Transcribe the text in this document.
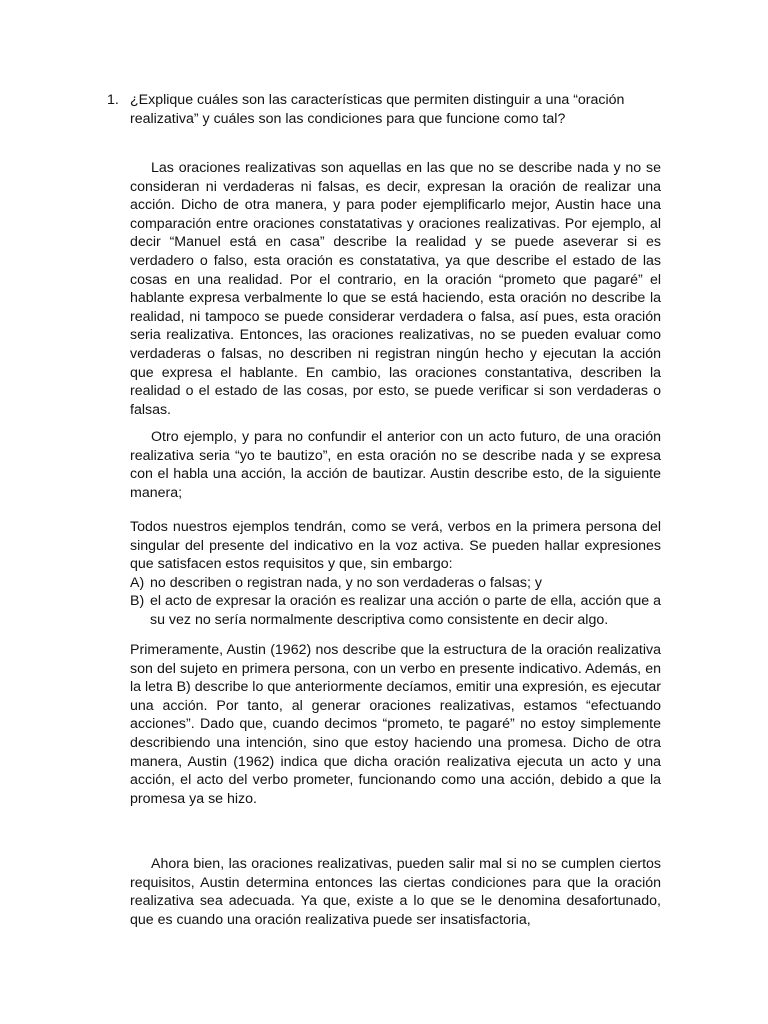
1. ¿Explique cuáles son las características que permiten distinguir a una “oración realizativa” y cuáles son las condiciones para que funcione como tal?

Las oraciones realizativas son aquellas en las que no se describe nada y no se consideran ni verdaderas ni falsas, es decir, expresan la oración de realizar una acción. Dicho de otra manera, y para poder ejemplificarlo mejor, Austin hace una comparación entre oraciones constatativas y oraciones realizativas. Por ejemplo, al decir “Manuel está en casa” describe la realidad y se puede aseverar si es verdadero o falso, esta oración es constatativa, ya que describe el estado de las cosas en una realidad. Por el contrario, en la oración “prometo que pagaré” el hablante expresa verbalmente lo que se está haciendo, esta oración no describe la realidad, ni tampoco se puede considerar verdadera o falsa, así pues, esta oración seria realizativa. Entonces, las oraciones realizativas, no se pueden evaluar como verdaderas o falsas, no describen ni registran ningún hecho y ejecutan la acción que expresa el hablante. En cambio, las oraciones constantativa, describen la realidad o el estado de las cosas, por esto, se puede verificar si son verdaderas o falsas.

Otro ejemplo, y para no confundir el anterior con un acto futuro, de una oración realizativa seria “yo te bautizo”, en esta oración no se describe nada y se expresa con el habla una acción, la acción de bautizar. Austin describe esto, de la siguiente manera;

Todos nuestros ejemplos tendrán, como se verá, verbos en la primera persona del singular del presente del indicativo en la voz activa. Se pueden hallar expresiones que satisfacen estos requisitos y que, sin embargo:
A) no describen o registran nada, y no son verdaderas o falsas; y
B) el acto de expresar la oración es realizar una acción o parte de ella, acción que a su vez no sería normalmente descriptiva como consistente en decir algo.

Primeramente, Austin (1962) nos describe que la estructura de la oración realizativa son del sujeto en primera persona, con un verbo en presente indicativo. Además, en la letra B) describe lo que anteriormente decíamos, emitir una expresión, es ejecutar una acción. Por tanto, al generar oraciones realizativas, estamos “efectuando acciones”. Dado que, cuando decimos “prometo, te pagaré” no estoy simplemente describiendo una intención, sino que estoy haciendo una promesa. Dicho de otra manera, Austin (1962) indica que dicha oración realizativa ejecuta un acto y una acción, el acto del verbo prometer, funcionando como una acción, debido a que la promesa ya se hizo.

Ahora bien, las oraciones realizativas, pueden salir mal si no se cumplen ciertos requisitos, Austin determina entonces las ciertas condiciones para que la oración realizativa sea adecuada. Ya que, existe a lo que se le denomina desafortunado, que es cuando una oración realizativa puede ser insatisfactoria,
